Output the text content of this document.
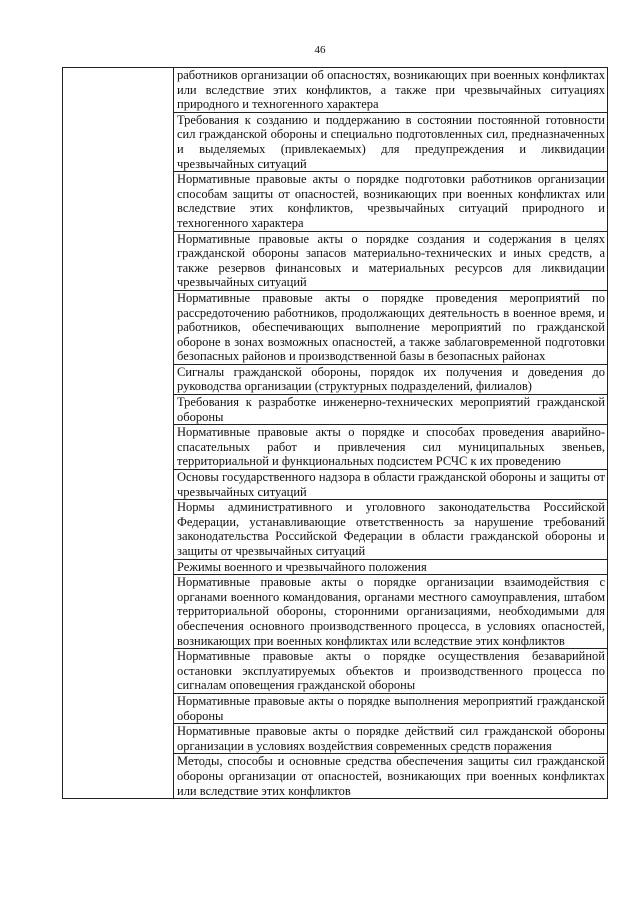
46
	работников организации об опасностях, возникающих при военных конфликтах или вследствие этих конфликтов, а также при чрезвычайных ситуациях природного и техногенного характера
Требования к созданию и поддержанию в состоянии постоянной готовности сил гражданской обороны и специально подготовленных сил, предназначенных и выделяемых (привлекаемых) для предупреждения и ликвидации чрезвычайных ситуаций
Нормативные правовые акты о порядке подготовки работников организации способам защиты от опасностей, возникающих при военных конфликтах или вследствие этих конфликтов, чрезвычайных ситуаций природного и техногенного характера
Нормативные правовые акты о порядке создания и содержания в целях гражданской обороны запасов материально-технических и иных средств, а также резервов финансовых и материальных ресурсов для ликвидации чрезвычайных ситуаций
Нормативные правовые акты о порядке проведения мероприятий по рассредоточению работников, продолжающих деятельность в военное время, и работников, обеспечивающих выполнение мероприятий по гражданской обороне в зонах возможных опасностей, а также заблаговременной подготовки безопасных районов и производственной базы в безопасных районах
Сигналы гражданской обороны, порядок их получения и доведения до руководства организации (структурных подразделений, филиалов)
Требования к разработке инженерно-технических мероприятий гражданской обороны
Нормативные правовые акты о порядке и способах проведения аварийно-спасательных работ и привлечения сил муниципальных звеньев, территориальной и функциональных подсистем РСЧС к их проведению
Основы государственного надзора в области гражданской обороны и защиты от чрезвычайных ситуаций
Нормы административного и уголовного законодательства Российской Федерации, устанавливающие ответственность за нарушение требований законодательства Российской Федерации в области гражданской обороны и защиты от чрезвычайных ситуаций
Режимы военного и чрезвычайного положения
Нормативные правовые акты о порядке организации взаимодействия с органами военного командования, органами местного самоуправления, штабом территориальной обороны, сторонними организациями, необходимыми для обеспечения основного производственного процесса, в условиях опасностей, возникающих при военных конфликтах или вследствие этих конфликтов
Нормативные правовые акты о порядке осуществления безаварийной остановки эксплуатируемых объектов и производственного процесса по сигналам оповещения гражданской обороны
Нормативные правовые акты о порядке выполнения мероприятий гражданской обороны
Нормативные правовые акты о порядке действий сил гражданской обороны организации в условиях воздействия современных средств поражения
Методы, способы и основные средства обеспечения защиты сил гражданской обороны организации от опасностей, возникающих при военных конфликтах или вследствие этих конфликтов
